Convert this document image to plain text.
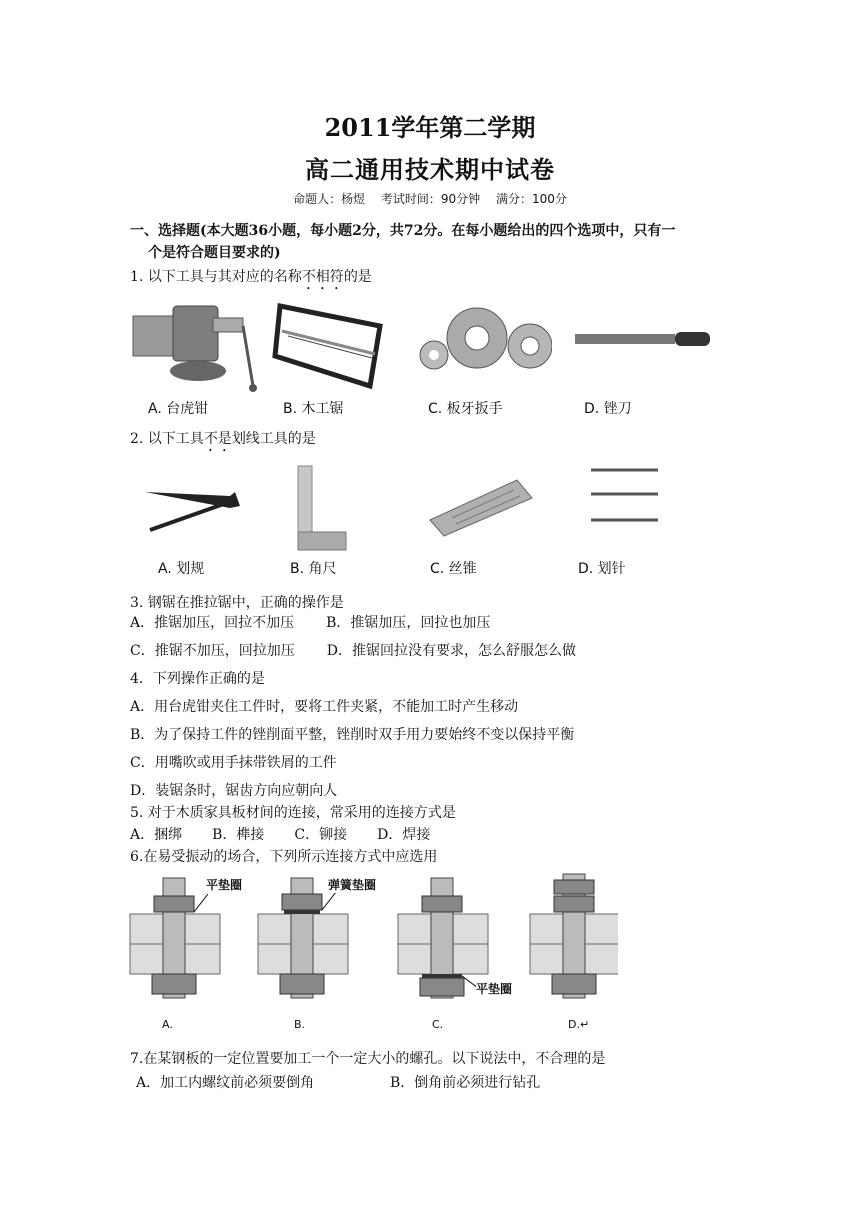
2011学年第二学期
高二通用技术期中试卷
命题人：杨煜 考试时间：90分钟 满分：100分
一、选择题(本大题36小题，每小题2分，共72分。在每小题给出的四个选项中，只有一
个是符合题目要求的)
1. 以下工具与其对应的名称不相符的是
A. 台虎钳	B. 木工锯	C. 板牙扳手	D. 锉刀
2. 以下工具不是划线工具的是
A. 划规	B. 角尺	C. 丝锥	D. 划针
3. 钢锯在推拉锯中，正确的操作是
A．推锯加压，回拉不加压 B．推锯加压，回拉也加压
C．推锯不加压，回拉加压 D．推锯回拉没有要求，怎么舒服怎么做
4．下列操作正确的是
A．用台虎钳夹住工件时，要将工件夹紧，不能加工时产生移动
B．为了保持工件的锉削面平整，锉削时双手用力要始终不变以保持平衡
C．用嘴吹或用手抹带铁屑的工件
D．装锯条时，锯齿方向应朝向人
5. 对于木质家具板材间的连接，常采用的连接方式是
A．捆绑 B．榫接 C．铆接 D．焊接
6.在易受振动的场合，下列所示连接方式中应选用
平垫圈	弹簧垫圈
平垫圈
A.	B.	C.	D.↵
7.在某钢板的一定位置要加工一个一定大小的螺孔。以下说法中，不合理的是
A．加工内螺纹前必须要倒角	B．倒角前必须进行钻孔
